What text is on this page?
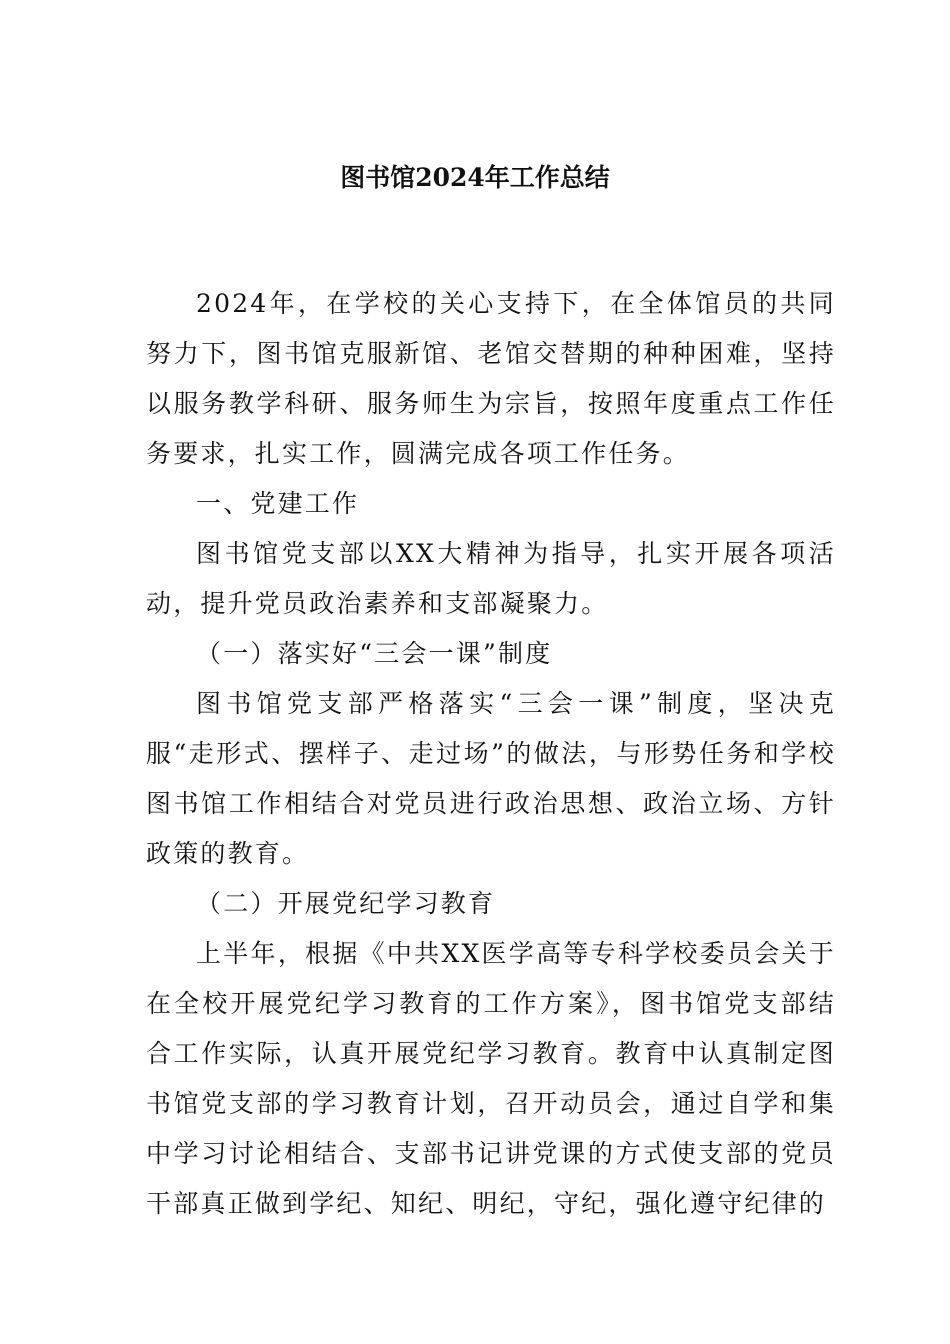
图书馆2024年工作总结

2024年，在学校的关心支持下，在全体馆员的共同努力下，图书馆克服新馆、老馆交替期的种种困难，坚持以服务教学科研、服务师生为宗旨，按照年度重点工作任务要求，扎实工作，圆满完成各项工作任务。

一、党建工作

图书馆党支部以XX大精神为指导，扎实开展各项活动，提升党员政治素养和支部凝聚力。

（一）落实好“三会一课”制度

图书馆党支部严格落实“三会一课”制度，坚决克服“走形式、摆样子、走过场”的做法，与形势任务和学校图书馆工作相结合对党员进行政治思想、政治立场、方针政策的教育。

（二）开展党纪学习教育

上半年，根据《中共XX医学高等专科学校委员会关于在全校开展党纪学习教育的工作方案》，图书馆党支部结合工作实际，认真开展党纪学习教育。教育中认真制定图书馆党支部的学习教育计划，召开动员会，通过自学和集中学习讨论相结合、支部书记讲党课的方式使支部的党员干部真正做到学纪、知纪、明纪，守纪，强化遵守纪律的
